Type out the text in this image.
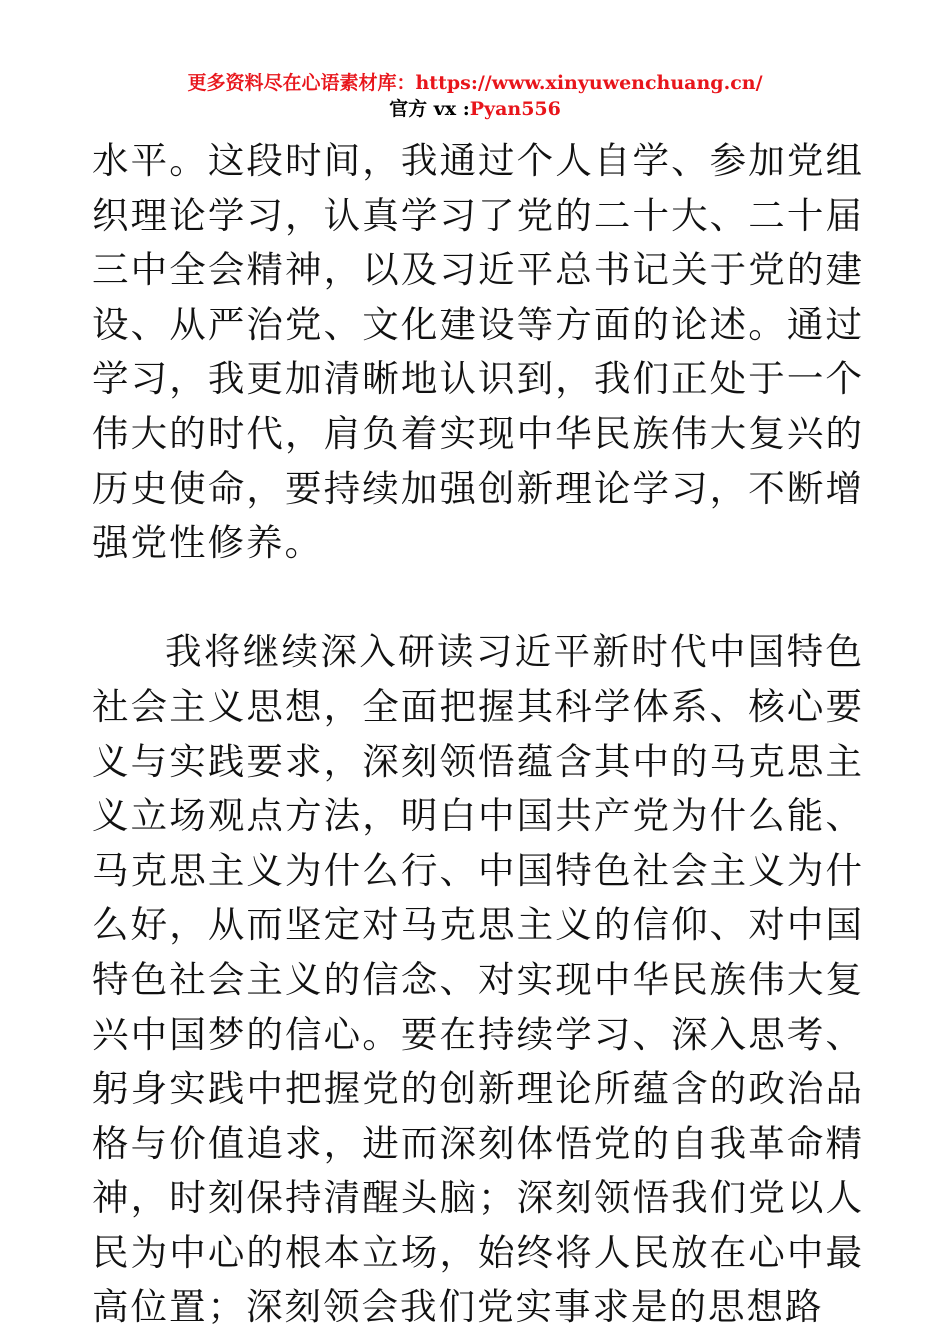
更多资料尽在心语素材库：https://www.xinyuwenchuang.cn/
官方 vx :Pyan556

水平。这段时间，我通过个人自学、参加党组织理论学习，认真学习了党的二十大、二十届三中全会精神，以及习近平总书记关于党的建设、从严治党、文化建设等方面的论述。通过学习，我更加清晰地认识到，我们正处于一个伟大的时代，肩负着实现中华民族伟大复兴的历史使命，要持续加强创新理论学习，不断增强党性修养。

我将继续深入研读习近平新时代中国特色社会主义思想，全面把握其科学体系、核心要义与实践要求，深刻领悟蕴含其中的马克思主义立场观点方法，明白中国共产党为什么能、马克思主义为什么行、中国特色社会主义为什么好，从而坚定对马克思主义的信仰、对中国特色社会主义的信念、对实现中华民族伟大复兴中国梦的信心。要在持续学习、深入思考、躬身实践中把握党的创新理论所蕴含的政治品格与价值追求，进而深刻体悟党的自我革命精神，时刻保持清醒头脑；深刻领悟我们党以人民为中心的根本立场，始终将人民放在心中最高位置；深刻领会我们党实事求是的思想路
